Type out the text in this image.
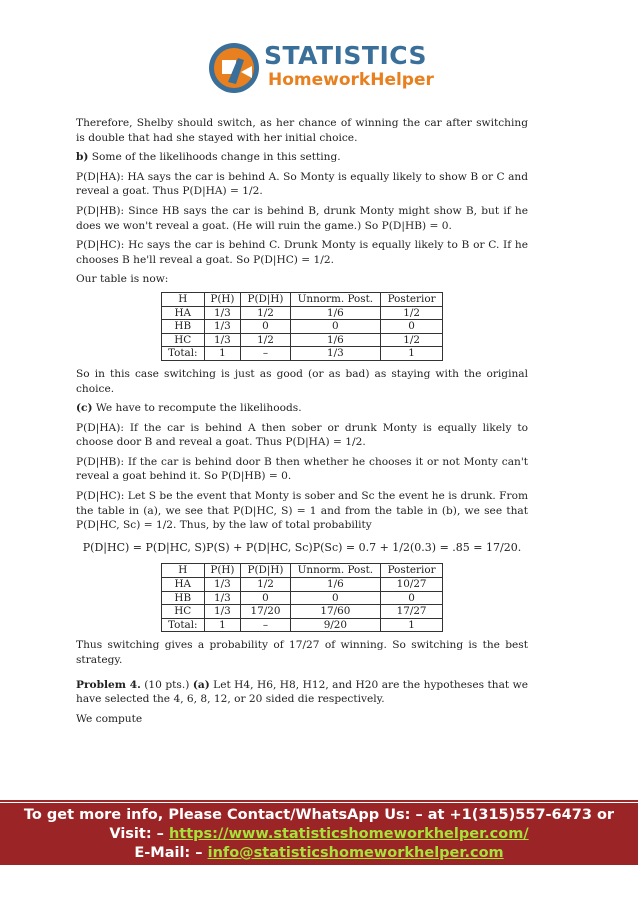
STATISTICS
HomeworkHelper

Therefore, Shelby should switch, as her chance of winning the car after switching is double that had she stayed with her initial choice.

b) Some of the likelihoods change in this setting.

P(D|HA): HA says the car is behind A. So Monty is equally likely to show B or C and reveal a goat. Thus P(D|HA) = 1/2.

P(D|HB): Since HB says the car is behind B, drunk Monty might show B, but if he does we won't reveal a goat. (He will ruin the game.) So P(D|HB) = 0.

P(D|HC): Hc says the car is behind C. Drunk Monty is equally likely to B or C. If he chooses B he'll reveal a goat. So P(D|HC) = 1/2.

Our table is now:

H	P(H)	P(D|H)	Unnorm. Post.	Posterior
HA	1/3	1/2	1/6	1/2
HB	1/3	0	0	0
HC	1/3	1/2	1/6	1/2
Total:	1	–	1/3	1

So in this case switching is just as good (or as bad) as staying with the original choice.

(c) We have to recompute the likelihoods.

P(D|HA): If the car is behind A then sober or drunk Monty is equally likely to choose door B and reveal a goat. Thus P(D|HA) = 1/2.

P(D|HB): If the car is behind door B then whether he chooses it or not Monty can't reveal a goat behind it. So P(D|HB) = 0.

P(D|HC): Let S be the event that Monty is sober and Sc the event he is drunk. From the table in (a), we see that P(D|HC, S) = 1 and from the table in (b), we see that P(D|HC, Sc) = 1/2. Thus, by the law of total probability

P(D|HC) = P(D|HC, S)P(S) + P(D|HC, Sc)P(Sc) = 0.7 + 1/2(0.3) = .85 = 17/20.
H	P(H)	P(D|H)	Unnorm. Post.	Posterior
HA	1/3	1/2	1/6	10/27
HB	1/3	0	0	0
HC	1/3	17/20	17/60	17/27
Total:	1	–	9/20	1

Thus switching gives a probability of 17/27 of winning. So switching is the best strategy.

Problem 4. (10 pts.) (a) Let H4, H6, H8, H12, and H20 are the hypotheses that we have selected the 4, 6, 8, 12, or 20 sided die respectively.

We compute

To get more info, Please Contact/WhatsApp Us: – at +1(315)557-6473 or
Visit: – https://www.statisticshomeworkhelper.com/
E-Mail: – info@statisticshomeworkhelper.com
